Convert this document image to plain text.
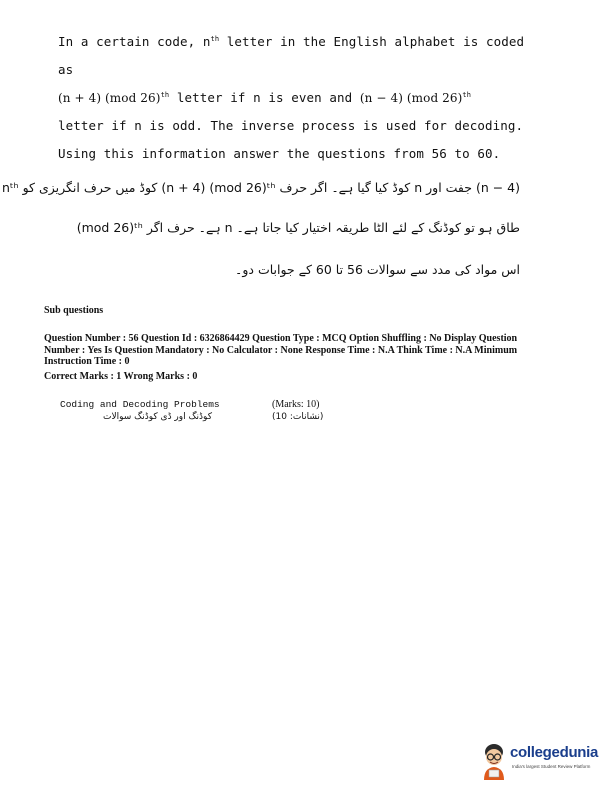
In a certain code, $n^{th}$ letter in the English alphabet is coded
as
(n + 4) (mod 26)$^{th}$ letter if n is even and (n − 4) (mod 26)$^{th}$
letter if n is odd. The inverse process is used for decoding.
Using this information answer the questions from 56 to 60.
nᵗʰ کوڈ میں حرف انگریزی کو (n + 4) (mod 26)ᵗʰ کوڈ کیا گیا ہے۔ اگر حرف n جفت اور (n − 4)
(mod 26)ᵗʰ ہے۔ حرف اگر n طاق ہو تو کوڈنگ کے لئے الٹا طریقہ اختیار کیا جاتا ہے۔
اس مواد کی مدد سے سوالات 56 تا 60 کے جوابات دو۔
Sub questions
Question Number : 56 Question Id : 6326864429 Question Type : MCQ Option Shuffling : No Display Question
Number : Yes Is Question Mandatory : No Calculator : None Response Time : N.A Think Time : N.A Minimum
Instruction Time : 0
Correct Marks : 1 Wrong Marks : 0
Coding and Decoding Problems
کوڈنگ اور ڈی کوڈنگ سوالات
(Marks: 10)
(نشانات: 10)
collegedunia
India's largest Student Review Platform
